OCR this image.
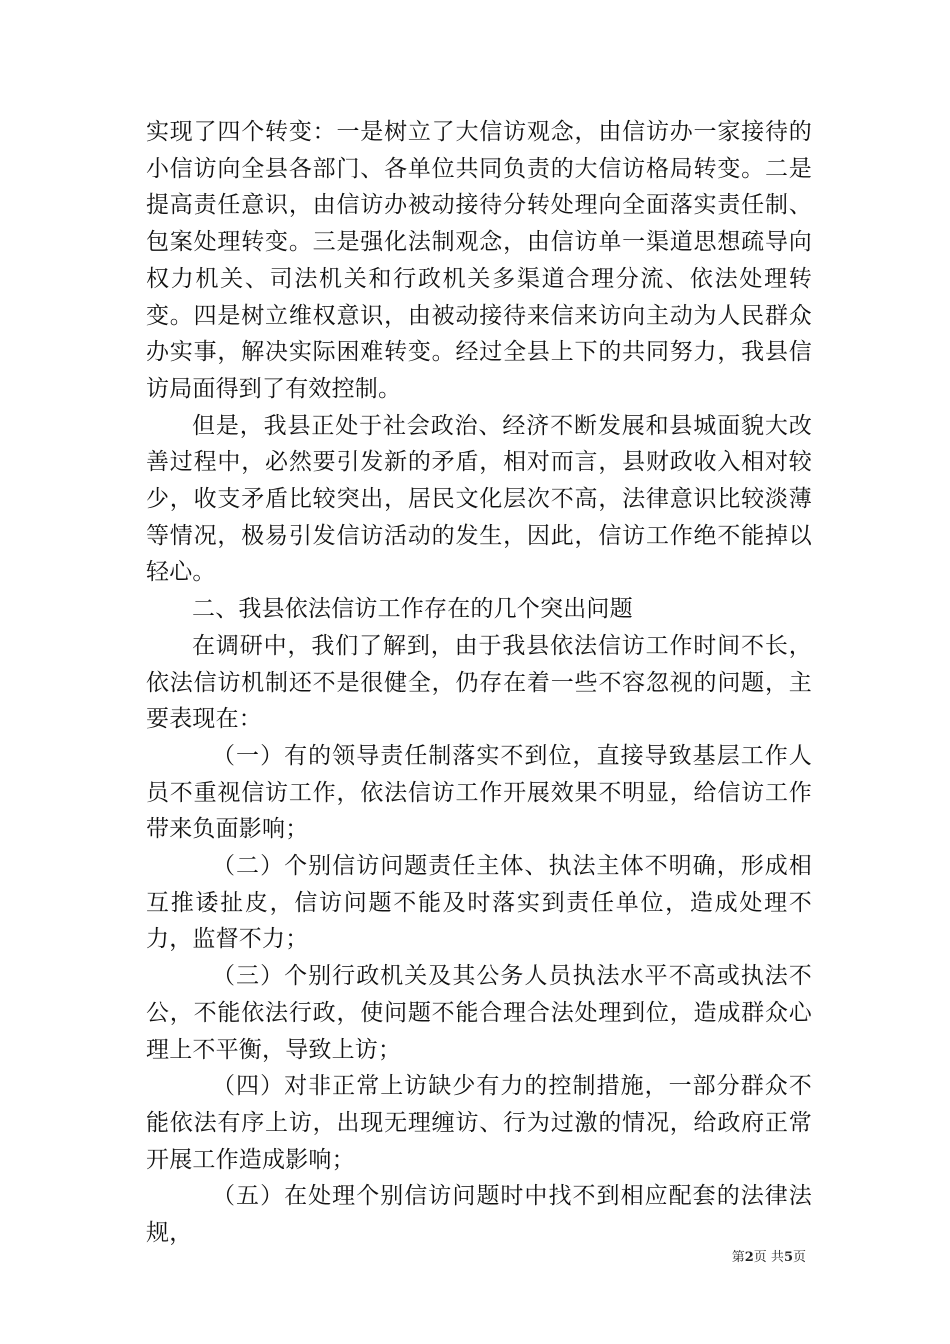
实现了四个转变：一是树立了大信访观念，由信访办一家接待的小信访向全县各部门、各单位共同负责的大信访格局转变。二是提高责任意识，由信访办被动接待分转处理向全面落实责任制、包案处理转变。三是强化法制观念，由信访单一渠道思想疏导向权力机关、司法机关和行政机关多渠道合理分流、依法处理转变。四是树立维权意识，由被动接待来信来访向主动为人民群众办实事，解决实际困难转变。经过全县上下的共同努力，我县信访局面得到了有效控制。

但是，我县正处于社会政治、经济不断发展和县城面貌大改善过程中，必然要引发新的矛盾，相对而言，县财政收入相对较少，收支矛盾比较突出，居民文化层次不高，法律意识比较淡薄等情况，极易引发信访活动的发生，因此，信访工作绝不能掉以轻心。

二、我县依法信访工作存在的几个突出问题

在调研中，我们了解到，由于我县依法信访工作时间不长，依法信访机制还不是很健全，仍存在着一些不容忽视的问题，主要表现在：

（一）有的领导责任制落实不到位，直接导致基层工作人员不重视信访工作，依法信访工作开展效果不明显，给信访工作带来负面影响；

（二）个别信访问题责任主体、执法主体不明确，形成相互推诿扯皮，信访问题不能及时落实到责任单位，造成处理不力，监督不力；

（三）个别行政机关及其公务人员执法水平不高或执法不公，不能依法行政，使问题不能合理合法处理到位，造成群众心理上不平衡，导致上访；

（四）对非正常上访缺少有力的控制措施，一部分群众不能依法有序上访，出现无理缠访、行为过激的情况，给政府正常开展工作造成影响；

（五）在处理个别信访问题时中找不到相应配套的法律法规，

第2页 共5页
